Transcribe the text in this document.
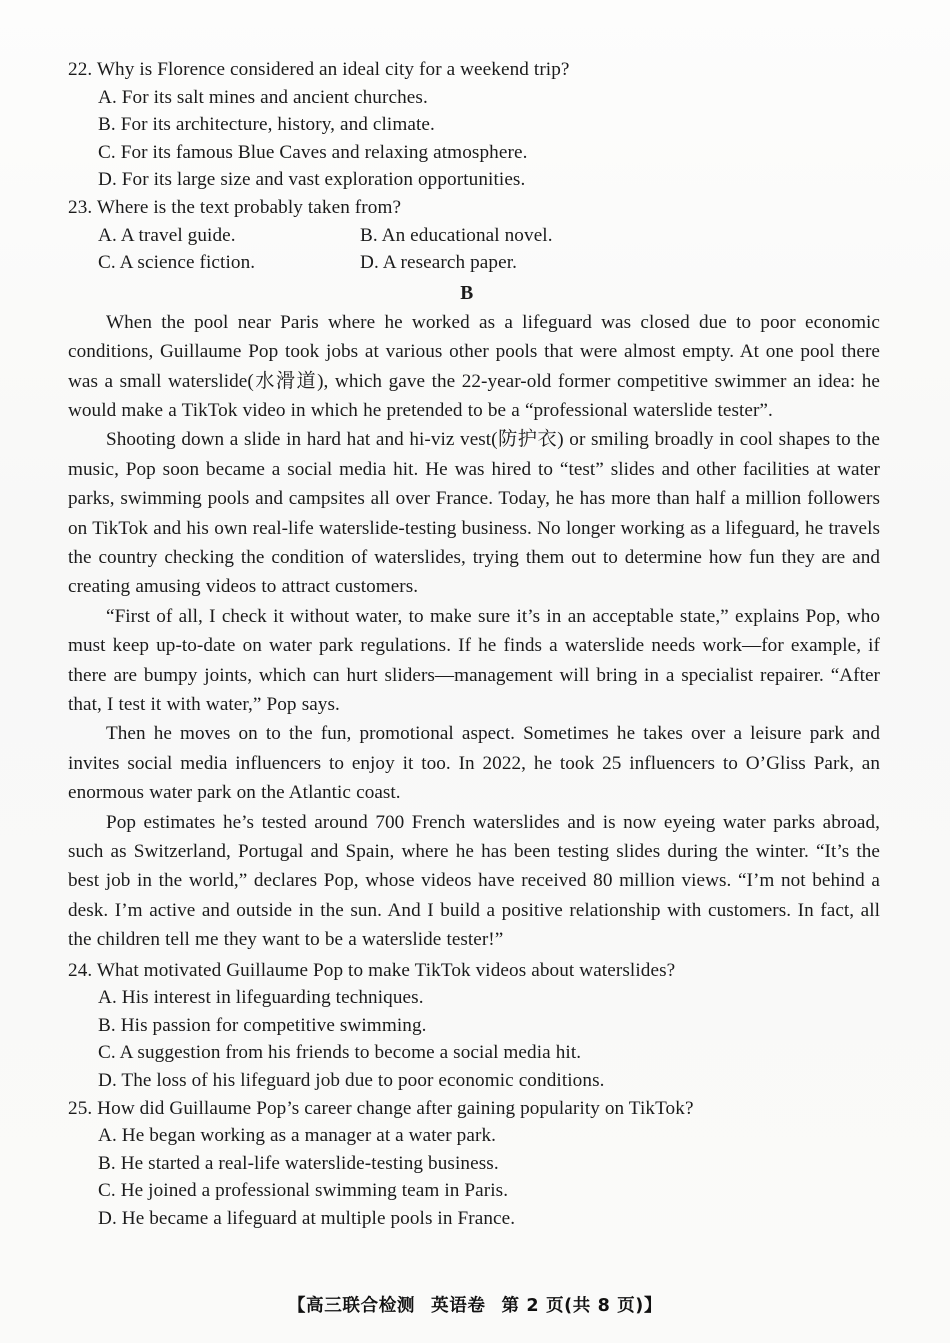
22. Why is Florence considered an ideal city for a weekend trip?
A. For its salt mines and ancient churches.
B. For its architecture, history, and climate.
C. For its famous Blue Caves and relaxing atmosphere.
D. For its large size and vast exploration opportunities.
23. Where is the text probably taken from?
A. A travel guide.	B. An educational novel.
C. A science fiction.	D. A research paper.
B

When the pool near Paris where he worked as a lifeguard was closed due to poor economic conditions, Guillaume Pop took jobs at various other pools that were almost empty. At one pool there was a small waterslide(水滑道), which gave the 22-year-old former competitive swimmer an idea: he would make a TikTok video in which he pretended to be a “professional waterslide tester”.

Shooting down a slide in hard hat and hi-viz vest(防护衣) or smiling broadly in cool shapes to the music, Pop soon became a social media hit. He was hired to “test” slides and other facilities at water parks, swimming pools and campsites all over France. Today, he has more than half a million followers on TikTok and his own real-life waterslide-testing business. No longer working as a lifeguard, he travels the country checking the condition of waterslides, trying them out to determine how fun they are and creating amusing videos to attract customers.

“First of all, I check it without water, to make sure it’s in an acceptable state,” explains Pop, who must keep up-to-date on water park regulations. If he finds a waterslide needs work—for example, if there are bumpy joints, which can hurt sliders—management will bring in a specialist repairer. “After that, I test it with water,” Pop says.

Then he moves on to the fun, promotional aspect. Sometimes he takes over a leisure park and invites social media influencers to enjoy it too. In 2022, he took 25 influencers to O’Gliss Park, an enormous water park on the Atlantic coast.

Pop estimates he’s tested around 700 French waterslides and is now eyeing water parks abroad, such as Switzerland, Portugal and Spain, where he has been testing slides during the winter. “It’s the best job in the world,” declares Pop, whose videos have received 80 million views. “I’m not behind a desk. I’m active and outside in the sun. And I build a positive relationship with customers. In fact, all the children tell me they want to be a waterslide tester!”

24. What motivated Guillaume Pop to make TikTok videos about waterslides?
A. His interest in lifeguarding techniques.
B. His passion for competitive swimming.
C. A suggestion from his friends to become a social media hit.
D. The loss of his lifeguard job due to poor economic conditions.
25. How did Guillaume Pop’s career change after gaining popularity on TikTok?
A. He began working as a manager at a water park.
B. He started a real-life waterslide-testing business.
C. He joined a professional swimming team in Paris.
D. He became a lifeguard at multiple pools in France.
【高三联合检测 英语卷 第 2 页(共 8 页)】
